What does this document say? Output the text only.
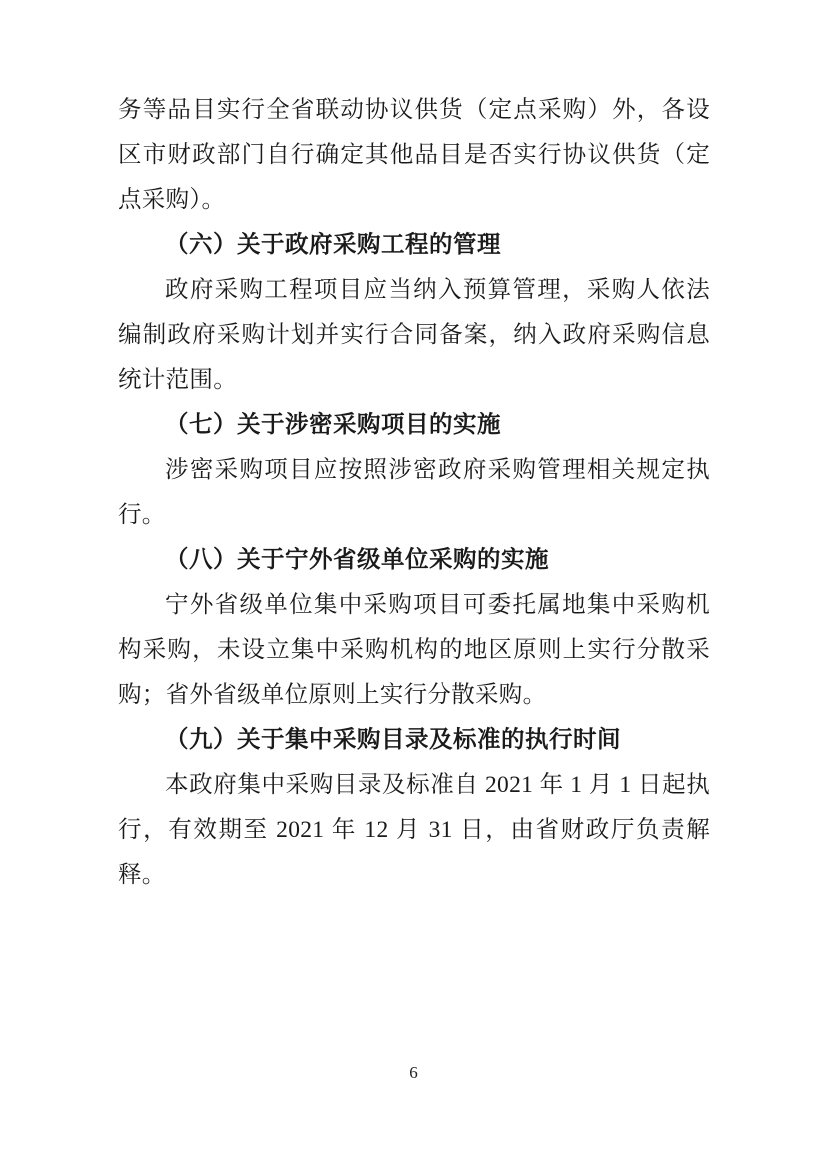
务等品目实行全省联动协议供货（定点采购）外，各设区市财政部门自行确定其他品目是否实行协议供货（定点采购）。

（六）关于政府采购工程的管理

政府采购工程项目应当纳入预算管理，采购人依法编制政府采购计划并实行合同备案，纳入政府采购信息统计范围。

（七）关于涉密采购项目的实施

涉密采购项目应按照涉密政府采购管理相关规定执行。

（八）关于宁外省级单位采购的实施

宁外省级单位集中采购项目可委托属地集中采购机构采购，未设立集中采购机构的地区原则上实行分散采购；省外省级单位原则上实行分散采购。

（九）关于集中采购目录及标准的执行时间

本政府集中采购目录及标准自 2021 年 1 月 1 日起执行，有效期至 2021 年 12 月 31 日，由省财政厅负责解释。

6
